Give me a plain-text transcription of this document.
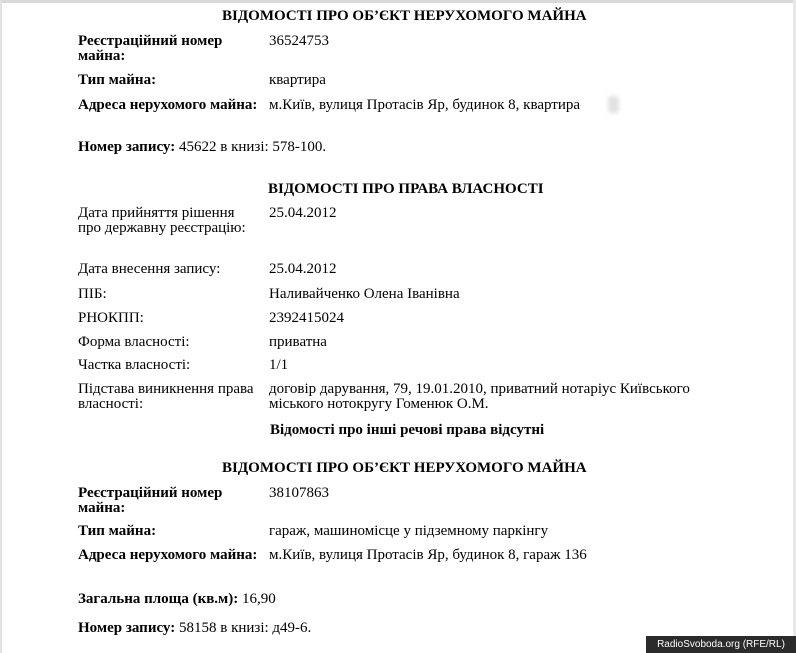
ВІДОМОСТІ ПРО ОБ’ЄКТ НЕРУХОМОГО МАЙНА
Реєстраційний номер майна:
36524753
Тип майна:	квартира
Адреса нерухомого майна: м.Київ, вулиця Протасів Яр, будинок 8, квартира
Номер запису: 45622 в книзі: 578-100.
ВІДОМОСТІ ПРО ПРАВА ВЛАСНОСТІ
Дата прийняття рішення про державну реєстрацію:
25.04.2012
Дата внесення запису:	25.04.2012
ПІБ:	Наливайченко Олена Іванівна
РНОКПП:	2392415024
Форма власності:	приватна
Частка власності:	1/1
Підстава виникнення права власності:
договір дарування, 79, 19.01.2010, приватний нотаріус Київського міського нотокругу Гоменюк О.М.
Відомості про інші речові права відсутні
ВІДОМОСТІ ПРО ОБ’ЄКТ НЕРУХОМОГО МАЙНА
Реєстраційний номер майна:
38107863
Тип майна:	гараж, машиномісце у підземному паркінгу
Адреса нерухомого майна: м.Київ, вулиця Протасів Яр, будинок 8, гараж 136
Загальна площа (кв.м): 16,90
Номер запису: 58158 в книзі: д49-6.
RadioSvoboda.org (RFE/RL)
